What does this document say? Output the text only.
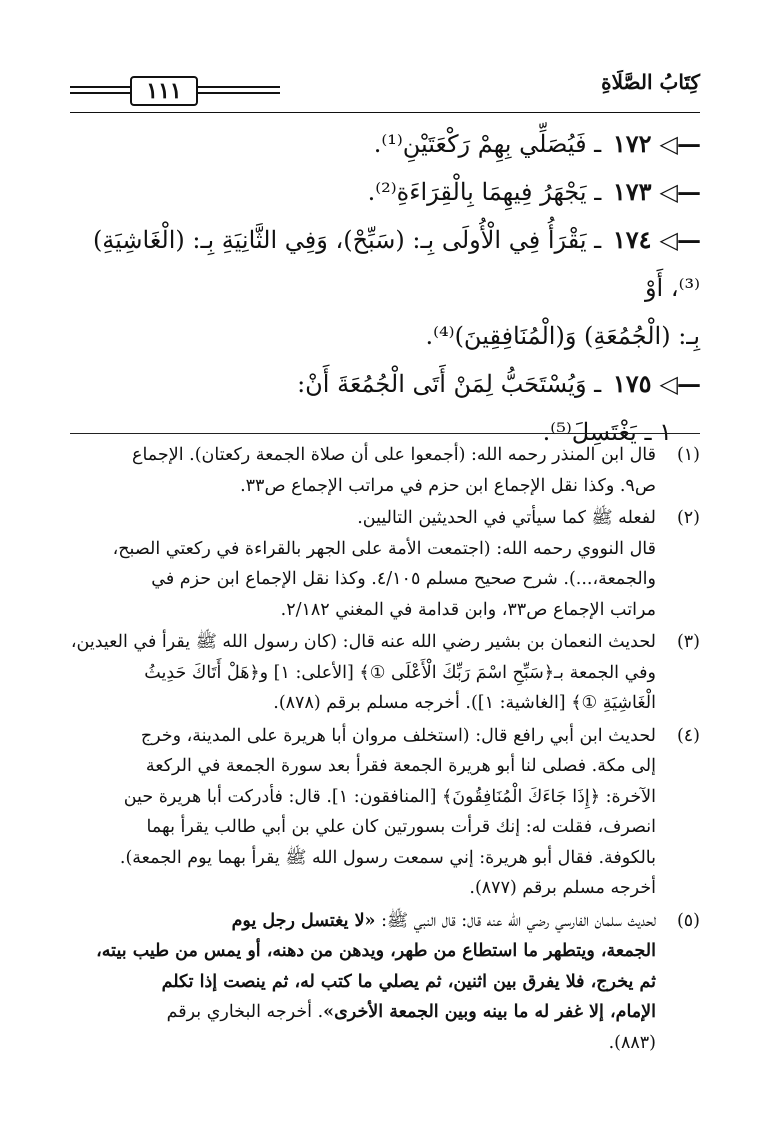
كِتَابُ الصَّلَاةِ
١١١

—◁١٧٢ ـ فَيُصَلِّي بِهِمْ رَكْعَتَيْنِ⁽¹⁾.

—◁١٧٣ ـ يَجْهَرُ فِيهِمَا بِالْقِرَاءَةِ⁽²⁾.

—◁١٧٤ ـ يَقْرَأُ فِي الْأُولَى بِـ: (سَبِّحْ)، وَفِي الثَّانِيَةِ بِـ: (الْغَاشِيَةِ)⁽³⁾، أَوْ
بِـ: (الْجُمُعَةِ) وَ(الْمُنَافِقِينَ)⁽⁴⁾.

—◁١٧٥ ـ وَيُسْتَحَبُّ لِمَنْ أَتَى الْجُمُعَةَ أَنْ:

١ ـ يَغْتَسِلَ⁽⁵⁾.

(١)

قال ابن المنذر رحمه الله: (أجمعوا على أن صلاة الجمعة ركعتان). الإجماع

ص٩. وكذا نقل الإجماع ابن حزم في مراتب الإجماع ص٣٣.

(٢)

لفعله ﷺ كما سيأتي في الحديثين التاليين.

قال النووي رحمه الله: (اجتمعت الأمة على الجهر بالقراءة في ركعتي الصبح،

والجمعة،...). شرح صحيح مسلم ٤/١٠٥. وكذا نقل الإجماع ابن حزم في

مراتب الإجماع ص٣٣، وابن قدامة في المغني ٢/١٨٢.

(٣)

لحديث النعمان بن بشير رضي الله عنه قال: (كان رسول الله ﷺ يقرأ في العيدين،

وفي الجمعة بـ﴿سَبِّحِ اسْمَ رَبِّكَ الْأَعْلَى ①﴾ [الأعلى: ١] و﴿هَلْ أَتَاكَ حَدِيثُ

الْغَاشِيَةِ ①﴾ [الغاشية: ١]). أخرجه مسلم برقم (٨٧٨).

(٤)

لحديث ابن أبي رافع قال: (استخلف مروان أبا هريرة على المدينة، وخرج

إلى مكة. فصلى لنا أبو هريرة الجمعة فقرأ بعد سورة الجمعة في الركعة

الآخرة: ﴿إِذَا جَاءَكَ الْمُنَافِقُونَ﴾ [المنافقون: ١]. قال: فأدركت أبا هريرة حين

انصرف، فقلت له: إنك قرأت بسورتين كان علي بن أبي طالب يقرأ بهما

بالكوفة. فقال أبو هريرة: إني سمعت رسول الله ﷺ يقرأ بهما يوم الجمعة).

أخرجه مسلم برقم (٨٧٧).

(٥)

لحديث سلمان الفارسي رضي الله عنه قال: قال النبي ﷺ: «لا يغتسل رجل يوم

الجمعة، ويتطهر ما استطاع من طهر، ويدهن من دهنه، أو يمس من طيب بيته،

ثم يخرج، فلا يفرق بين اثنين، ثم يصلي ما كتب له، ثم ينصت إذا تكلم

الإمام، إلا غفر له ما بينه وبين الجمعة الأخرى». أخرجه البخاري برقم

(٨٨٣).
